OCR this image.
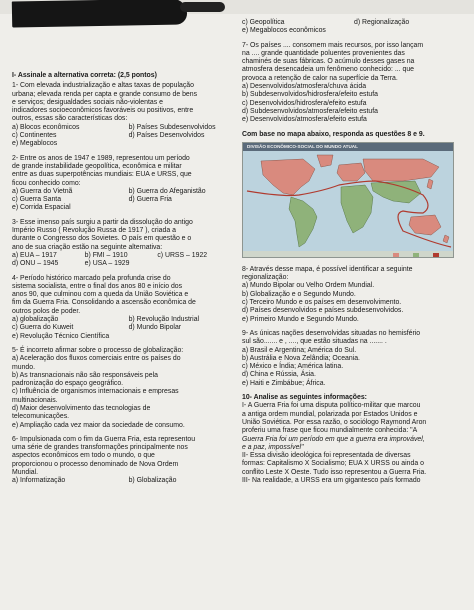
I- Assinale a alternativa correta: (2,5 pontos)
1- Com elevada industrialização e altas taxas de população
urbana; elevada renda per capta e grande consumo de bens
e serviços; desigualdades sociais não-violentas e
indicadores socioeconômicos favoráveis ou positivos, entre
outros, essas são características dos:
a) Blocos econômicos	b) Países Subdesenvolvidos
c) Continentes	d) Países Desenvolvidos
e) Megablocos
2- Entre os anos de 1947 e 1989, representou um período
de grande instabilidade geopolítica, econômica e militar
entre as duas superpotências mundiais: EUA e URSS, que
ficou conhecido como:
a) Guerra do Vietnã	b) Guerra do Afeganistão
c) Guerra Santa	d) Guerra Fria
e) Corrida Espacial
3- Esse imenso país surgiu a partir da dissolução do antigo
Império Russo ( Revolução Russa de 1917 ), criada a
durante o Congresso dos Sovietes. O país em questão e o
ano de sua criação estão na seguinte alternativa:
a) EUA – 1917	b) FMI – 1910	c) URSS – 1922
d) ONU – 1945	e) USA – 1929
4- Período histórico marcado pela profunda crise do
sistema socialista, entre o final dos anos 80 e início dos
anos 90, que culminou com a queda da União Soviética e
fim da Guerra Fria. Consolidando a ascensão econômica de
outros polos de poder.
a) globalização	b) Revolução Industrial
c) Guerra do Kuweit	d) Mundo Bipolar
e) Revolução Técnico Científica
5- É incorreto afirmar sobre o processo de globalização:
a) Aceleração dos fluxos comerciais entre os países do
mundo.
b) As transnacionais não são responsáveis pela
padronização do espaço geográfico.
c) Influência de organismos internacionais e empresas
multinacionais.
d) Maior desenvolvimento das tecnologias de
telecomunicações.
e) Ampliação cada vez maior da sociedade de consumo.
6- Impulsionada com o fim da Guerra Fria, esta representou
uma série de grandes transformações principalmente nos
aspectos econômicos em todo o mundo, o que
proporcionou o processo denominado de Nova Ordem
Mundial.
a) Informatização	b) Globalização
c) Geopolítica	d) Regionalização
e) Megablocos econômicos
7- Os países .... consomem mais recursos, por isso lançam
na .... grande quantidade poluentes provenientes das
chaminés de suas fábricas. O acúmulo desses gases na
atmosfera desencadeia um fenômeno conhecido: ... que
provoca a retenção de calor na superfície da Terra.
a) Desenvolvidos/atmosfera/chuva ácida
b) Subdesenvolvidos/hidrosfera/efeito estufa
c) Desenvolvidos/hidrosfera/efeito estufa
d) Subdesenvolvidos/atmosfera/efeito estufa
e) Desenvolvidos/atmosfera/efeito estufa
Com base no mapa abaixo, responda as questões 8 e 9.
DIVISÃO ECONÔMICO-SOCIAL DO MUNDO ATUAL
8- Através desse mapa, é possível identificar a seguinte
regionalização:
a) Mundo Bipolar ou Velho Ordem Mundial.
b) Globalização e o Segundo Mundo.
c) Terceiro Mundo e os países em desenvolvimento.
d) Países desenvolvidos e países subdesenvolvidos.
e) Primeiro Mundo e Segundo Mundo.
9- As únicas nações desenvolvidas situadas no hemisfério
sul são....... e , ...., que estão situadas na ....... .
a) Brasil e Argentina; América do Sul.
b) Austrália e Nova Zelândia; Oceania.
c) México e Índia; América latina.
d) China e Rússia, Ásia.
e) Haiti e Zimbábue; África.
10- Analise as seguintes informações:
I- A Guerra Fria foi uma disputa político-militar que marcou
a antiga ordem mundial, polarizada por Estados Unidos e
União Soviética. Por essa razão, o sociólogo Raymond Aron
proferiu uma frase que ficou mundialmente conhecida: "A
Guerra Fria foi um período em que a guerra era improvável,
e a paz, impossível"
II- Essa divisão ideológica foi representada de diversas
formas: Capitalismo X Socialismo; EUA X URSS ou ainda o
conflito Leste X Oeste. Tudo isso representou a Guerra Fria.
III- Na realidade, a URSS era um gigantesco país formado
